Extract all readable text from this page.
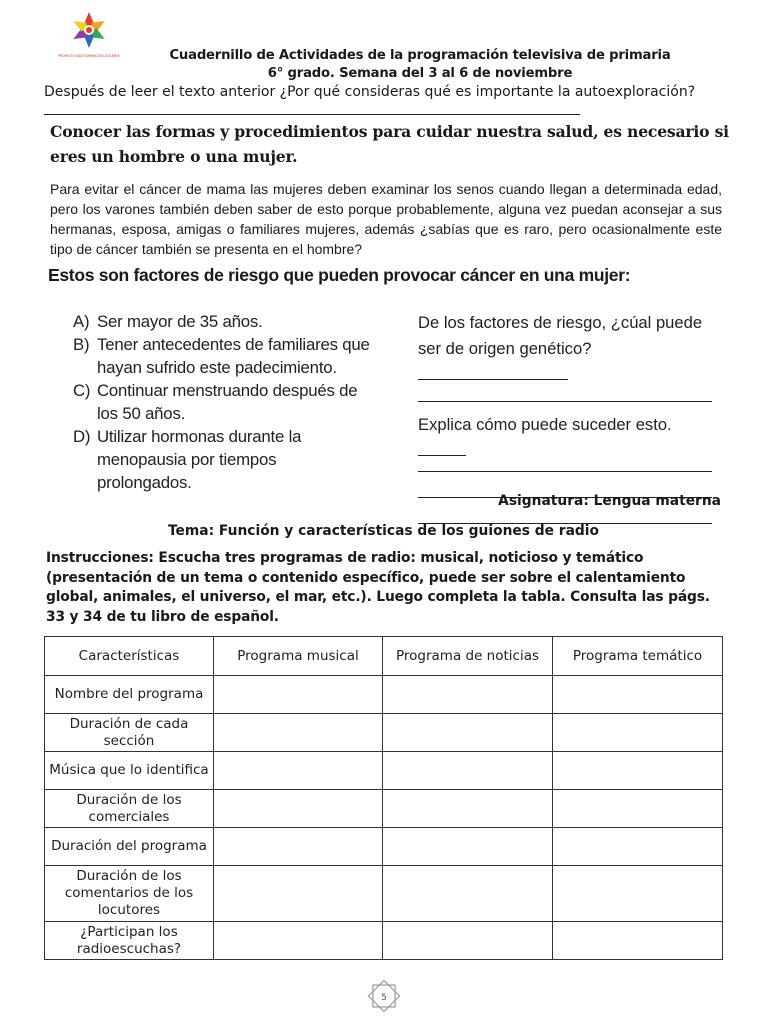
PROYECTO MÁS FORMACIÓN DOCENTE	Cuadernillo de Actividades de la programación televisiva de primaria
6° grado. Semana del 3 al 6 de noviembre
Después de leer el texto anterior ¿Por qué consideras qué es importante la autoexploración?
Conocer las formas y procedimientos para cuidar nuestra salud, es necesario si eres un hombre o una mujer.
Para evitar el cáncer de mama las mujeres deben examinar los senos cuando llegan a determinada edad, pero los varones también deben saber de esto porque probablemente, alguna vez puedan aconsejar a sus hermanas, esposa, amigas o familiares mujeres, además ¿sabías que es raro, pero ocasionalmente este tipo de cáncer también se presenta en el hombre?
Estos son factores de riesgo que pueden provocar cáncer en una mujer:
A) Ser mayor de 35 años.
B) Tener antecedentes de familiares que hayan sufrido este padecimiento.
C) Continuar menstruando después de los 50 años.
D) Utilizar hormonas durante la menopausia por tiempos prolongados.
De los factores de riesgo, ¿cúal puede ser de origen genético?
Explica cómo puede suceder esto.
Asignatura: Lengua materna
Tema: Función y características de los guiones de radio
Instrucciones: Escucha tres programas de radio: musical, noticioso y temático (presentación de un tema o contenido específico, puede ser sobre el calentamiento global, animales, el universo, el mar, etc.). Luego completa la tabla. Consulta las págs. 33 y 34 de tu libro de español.
Características	Programa musical	Programa de noticias	Programa temático
Nombre del programa			
Duración de cada sección			
Música que lo identifica			
Duración de los comerciales			
Duración del programa			
Duración de los comentarios de los locutores			
¿Participan los radioescuchas?			
5
